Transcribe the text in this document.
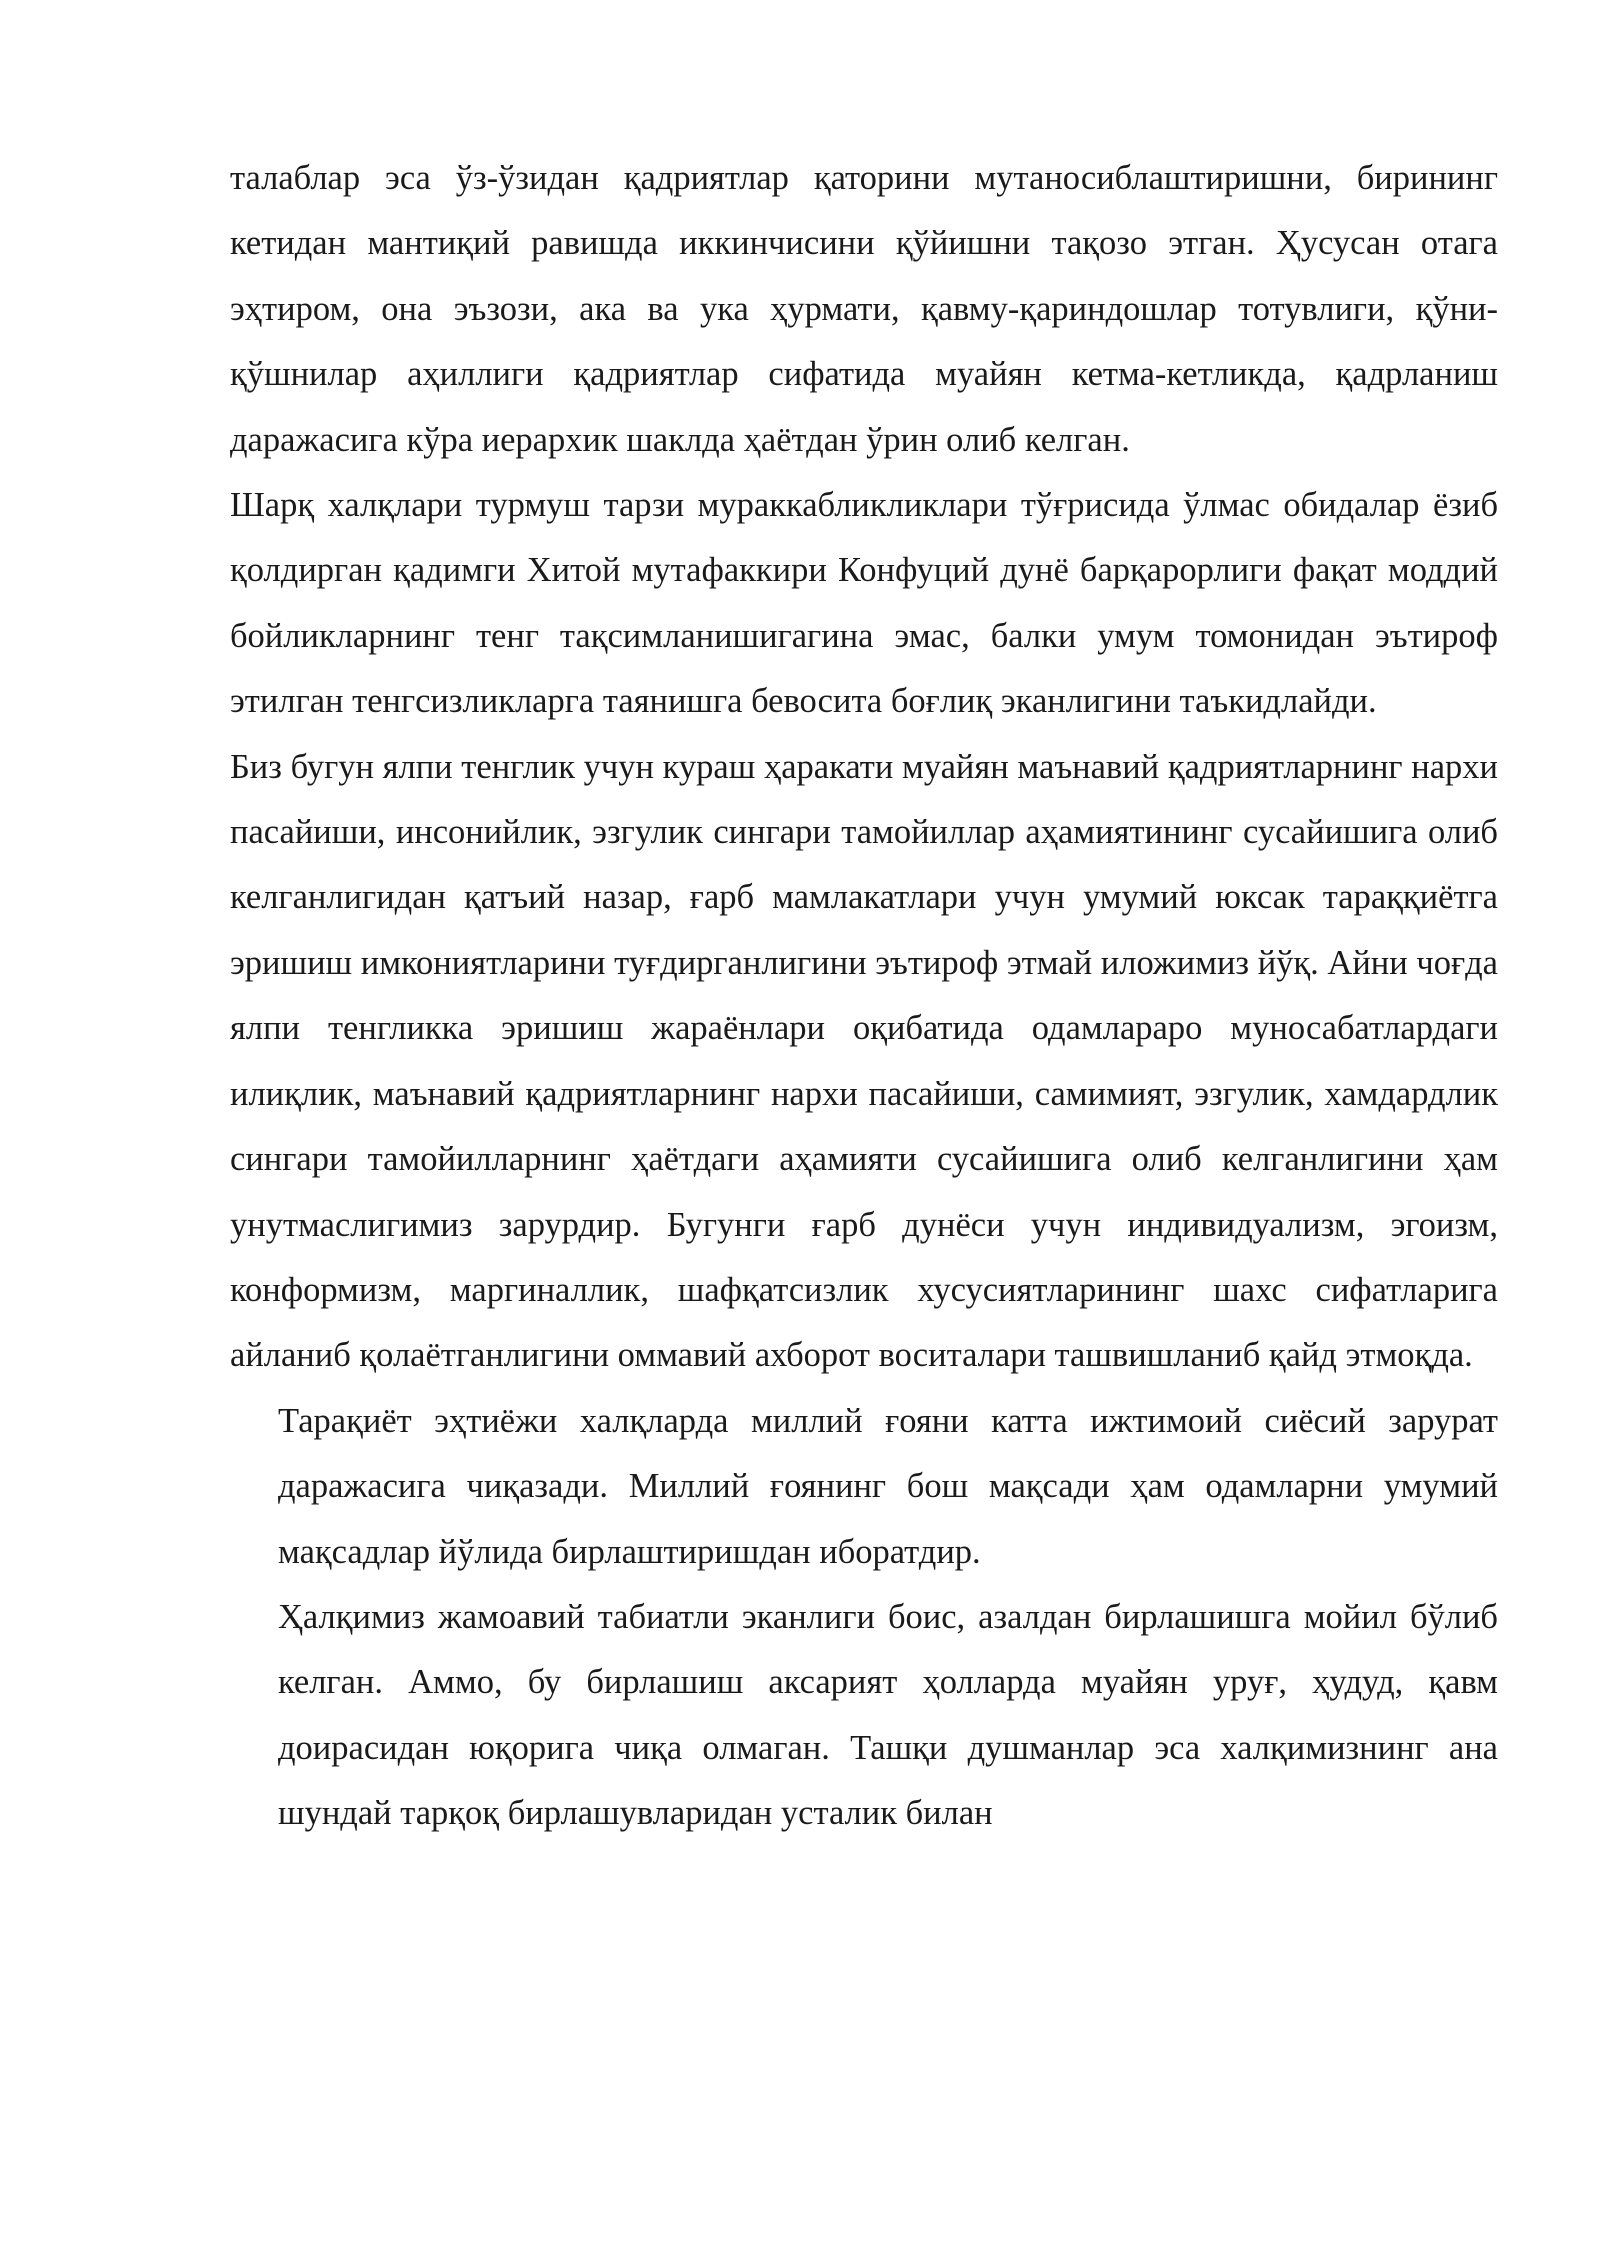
талаблар эса ўз-ўзидан қадриятлар қаторини мутаносиблаштиришни, бирининг кетидан мантиқий равишда иккинчисини қўйишни тақозо этган. Ҳусусан отага эҳтиром, она эъзози, ака ва ука ҳурмати, қавму-қариндошлар тотувлиги, қўни-қўшнилар аҳиллиги қадриятлар сифатида муайян кетма-кетликда, қадрланиш даражасига кўра иерархик шаклда ҳаётдан ўрин олиб келган.

Шарқ халқлари турмуш тарзи мураккабликликлари тўғрисида ўлмас обидалар ёзиб қолдирган қадимги Хитой мутафаккири Конфуций дунё барқарорлиги фақат моддий бойликларнинг тенг тақсимланишигагина эмас, балки умум томонидан эътироф этилган тенгсизликларга таянишга бевосита боғлиқ эканлигини таъкидлайди.

Биз бугун ялпи тенглик учун кураш ҳаракати муайян маънавий қадриятларнинг нархи пасайиши, инсонийлик, эзгулик сингари тамойиллар аҳамиятининг сусайишига олиб келганлигидан қатъий назар, ғарб мамлакатлари учун умумий юксак тараққиётга эришиш имкониятларини туғдирганлигини эътироф этмай иложимиз йўқ. Айни чоғда ялпи тенгликка эришиш жараёнлари оқибатида одамлараро муносабатлардаги илиқлик, маънавий қадриятларнинг нархи пасайиши, самимият, эзгулик, хамдардлик сингари тамойилларнинг ҳаётдаги аҳамияти сусайишига олиб келганлигини ҳам унутмаслигимиз зарурдир. Бугунги ғарб дунёси учун индивидуализм, эгоизм, конформизм, маргиналлик, шафқатсизлик хусусиятларининг шахс сифатларига айланиб қолаётганлигини оммавий ахборот воситалари ташвишланиб қайд этмоқда.

Тарақиёт эҳтиёжи халқларда миллий ғояни катта ижтимоий сиёсий зарурат даражасига чиқазади. Миллий ғоянинг бош мақсади ҳам одамларни умумий мақсадлар йўлида бирлаштиришдан иборатдир.

Ҳалқимиз жамоавий табиатли эканлиги боис, азалдан бирлашишга мойил бўлиб келган. Аммо, бу бирлашиш аксарият ҳолларда муайян уруғ, ҳудуд, қавм доирасидан юқорига чиқа олмаган. Ташқи душманлар эса халқимизнинг ана шундай тарқоқ бирлашувларидан усталик билан
